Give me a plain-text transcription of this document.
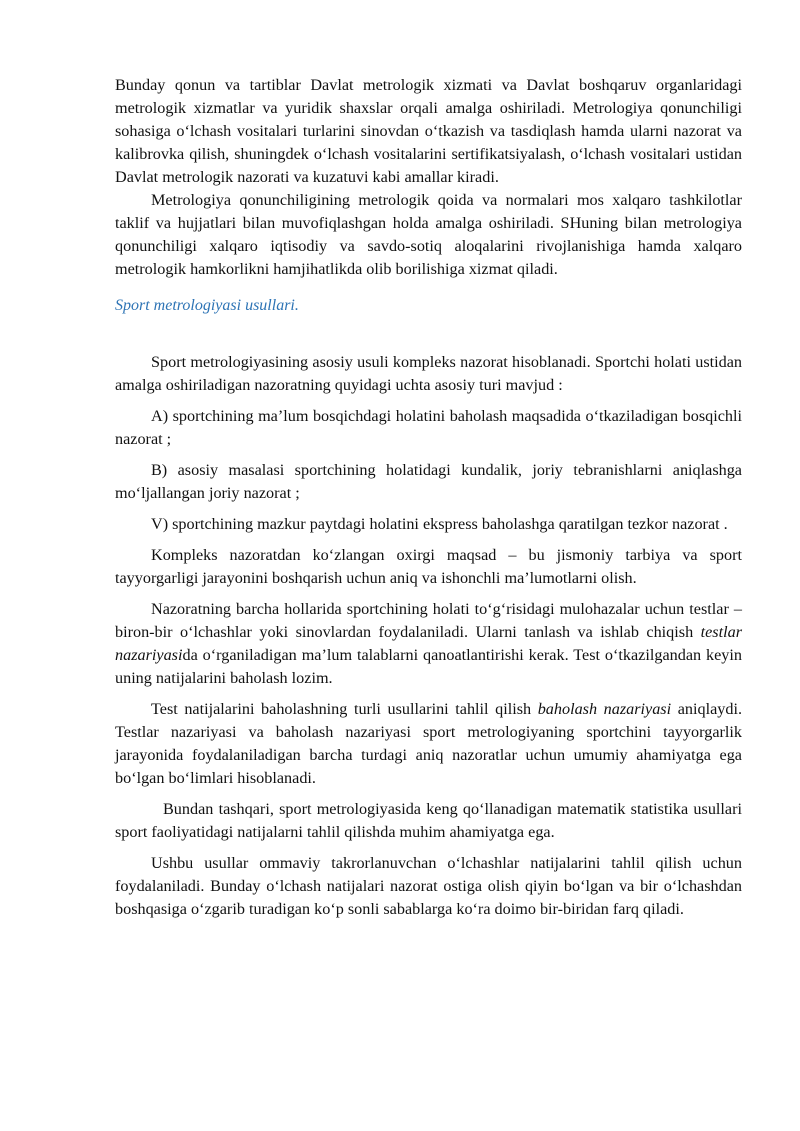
Bunday qonun va tartiblar Davlat metrologik xizmati va Davlat boshqaruv organlaridagi metrologik xizmatlar va yuridik shaxslar orqali amalga oshiriladi. Metrologiya qonunchiligi sohasiga o‘lchash vositalari turlarini sinovdan o‘tkazish va tasdiqlash hamda ularni nazorat va kalibrovka qilish, shuningdek o‘lchash vositalarini sertifikatsiyalash, o‘lchash vositalari ustidan Davlat metrologik nazorati va kuzatuvi kabi amallar kiradi.

Metrologiya qonunchiligining metrologik qoida va normalari mos xalqaro tashkilotlar taklif va hujjatlari bilan muvofiqlashgan holda amalga oshiriladi. SHuning bilan metrologiya qonunchiligi xalqaro iqtisodiy va savdo-sotiq aloqalarini rivojlanishiga hamda xalqaro metrologik hamkorlikni hamjihatlikda olib borilishiga xizmat qiladi.

Sport metrologiyasi usullari.

Sport metrologiyasining asosiy usuli kompleks nazorat hisoblanadi. Sportchi holati ustidan amalga oshiriladigan nazoratning quyidagi uchta asosiy turi mavjud :

A) sportchining ma’lum bosqichdagi holatini baholash maqsadida o‘tkaziladigan bosqichli nazorat ;

B) asosiy masalasi sportchining holatidagi kundalik, joriy tebranishlarni aniqlashga mo‘ljallangan joriy nazorat ;

V) sportchining mazkur paytdagi holatini ekspress baholashga qaratilgan tezkor nazorat .

Kompleks nazoratdan ko‘zlangan oxirgi maqsad – bu jismoniy tarbiya va sport tayyorgarligi jarayonini boshqarish uchun aniq va ishonchli ma’lumotlarni olish.

Nazoratning barcha hollarida sportchining holati to‘g‘risidagi mulohazalar uchun testlar – biron-bir o‘lchashlar yoki sinovlardan foydalaniladi. Ularni tanlash va ishlab chiqish testlar nazariyasida o‘rganiladigan ma’lum talablarni qanoatlantirishi kerak. Test o‘tkazilgandan keyin uning natijalarini baholash lozim.

Test natijalarini baholashning turli usullarini tahlil qilish baholash nazariyasi aniqlaydi. Testlar nazariyasi va baholash nazariyasi sport metrologiyaning sportchini tayyorgarlik jarayonida foydalaniladigan barcha turdagi aniq nazoratlar uchun umumiy ahamiyatga ega bo‘lgan bo‘limlari hisoblanadi.

Bundan tashqari, sport metrologiyasida keng qo‘llanadigan matematik statistika usullari sport faoliyatidagi natijalarni tahlil qilishda muhim ahamiyatga ega.

Ushbu usullar ommaviy takrorlanuvchan o‘lchashlar natijalarini tahlil qilish uchun foydalaniladi. Bunday o‘lchash natijalari nazorat ostiga olish qiyin bo‘lgan va bir o‘lchashdan boshqasiga o‘zgarib turadigan ko‘p sonli sabablarga ko‘ra doimo bir-biridan farq qiladi.
